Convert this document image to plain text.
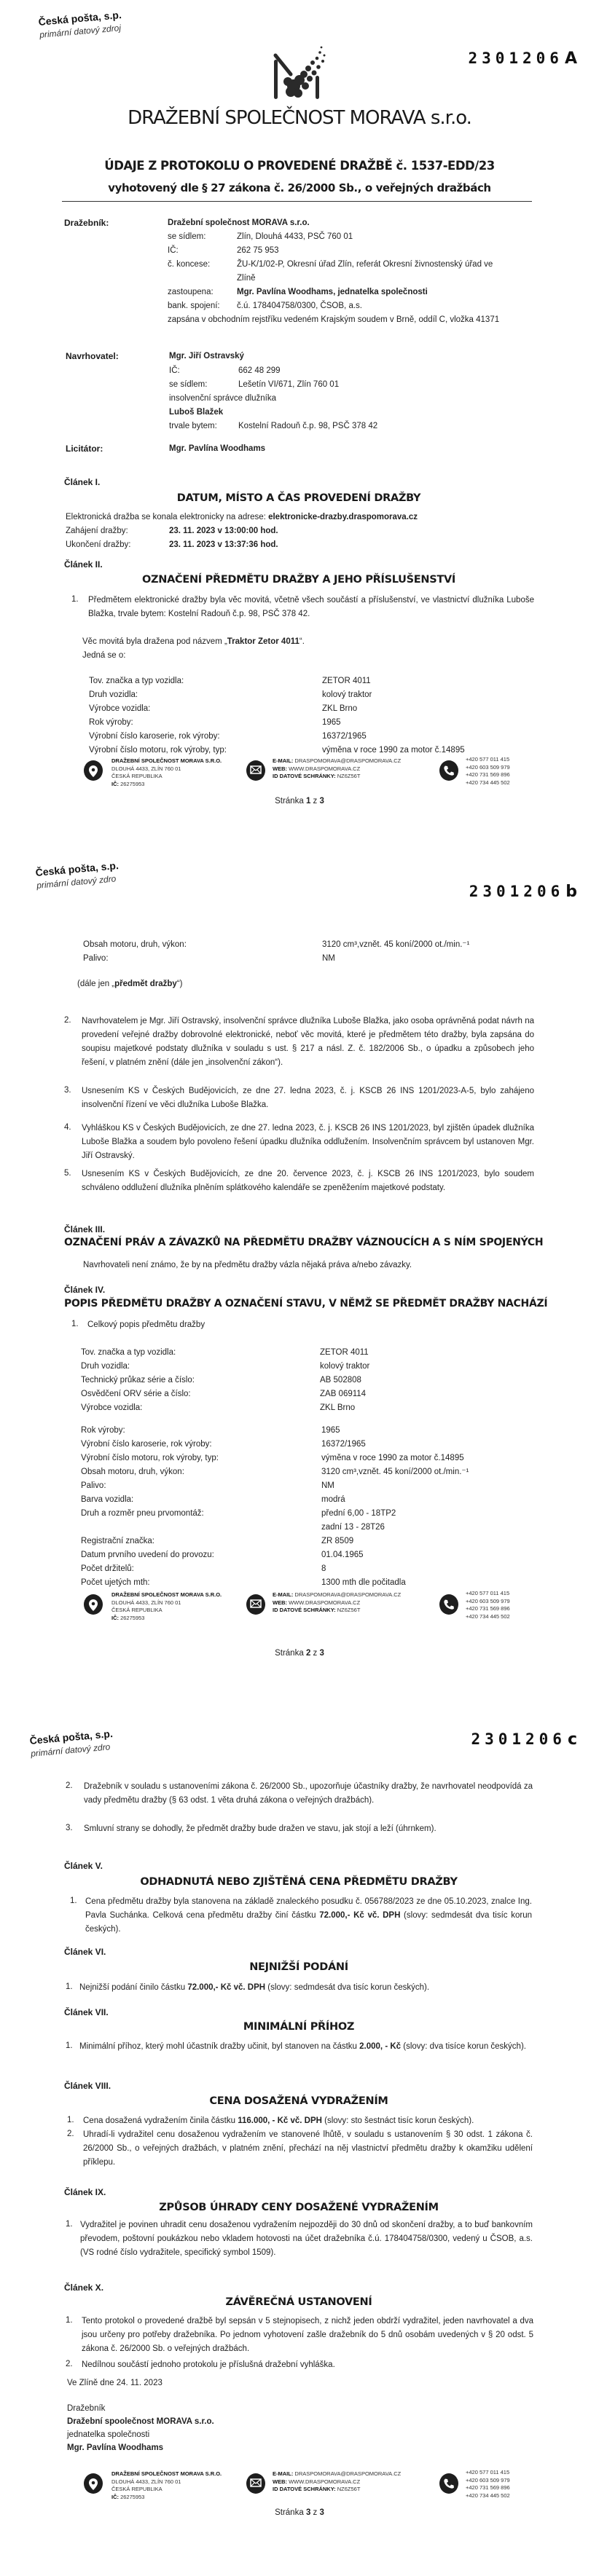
Česká pošta, s.p.
primární datový zdroj
2301206A
DRAŽEBNÍ SPOLEČNOST MORAVA s.r.o.
ÚDAJE Z PROTOKOLU O PROVEDENÉ DRAŽBĚ č. 1537-EDD/23
vyhotovený dle § 27 zákona č. 26/2000 Sb., o veřejných dražbách
Dražebník:	Dražební společnost MORAVA s.r.o.
se sídlem:	Zlín, Dlouhá 4433, PSČ 760 01
IČ:	262 75 953
č. koncese:	ŽU-K/1/02-P, Okresní úřad Zlín, referát Okresní živnostenský úřad ve
Zlíně
zastoupena:	Mgr. Pavlína Woodhams, jednatelka společnosti
bank. spojení: č.ú. 178404758/0300, ČSOB, a.s.
zapsána v obchodním rejstříku vedeném Krajským soudem v Brně, oddíl C, vložka 41371
Navrhovatel:	Mgr. Jiří Ostravský
IČ:	662 48 299
se sídlem:	Lešetín VI/671, Zlín 760 01
insolvenční správce dlužníka
Luboš Blažek
trvale bytem:	Kostelní Radouň č.p. 98, PSČ 378 42
Licitátor:	Mgr. Pavlína Woodhams
Článek I.
DATUM, MÍSTO A ČAS PROVEDENÍ DRAŽBY
Elektronická dražba se konala elektronicky na adrese: elektronicke-drazby.draspomorava.cz
Zahájení dražby:	23. 11. 2023 v 13:00:00 hod.
Ukončení dražby:	23. 11. 2023 v 13:37:36 hod.
Článek II.
OZNAČENÍ PŘEDMĚTU DRAŽBY A JEHO PŘÍSLUŠENSTVÍ
1. Předmětem elektronické dražby byla věc movitá, včetně všech součástí a příslušenství, ve vlastnictví dlužníka Luboše Blažka, trvale bytem: Kostelní Radouň č.p. 98, PSČ 378 42.
Věc movitá byla dražena pod názvem „Traktor Zetor 4011“.
Jedná se o:
Tov. značka a typ vozidla:	ZETOR 4011
Druh vozidla:	kolový traktor
Výrobce vozidla:	ZKL Brno
Rok výroby:	1965
Výrobní číslo karoserie, rok výroby:	16372/1965
Výrobní číslo motoru, rok výroby, typ:	výměna v roce 1990 za motor č.14895
DRAŽEBNÍ SPOLEČNOST MORAVA S.R.O.
DLOUHÁ 4433, ZLÍN 760 01
ČESKÁ REPUBLIKA
IČ: 26275953
E-MAIL: DRASPOMORAVA@DRASPOMORAVA.CZ
WEB: WWW.DRASPOMORAVA.CZ
ID DATOVÉ SCHRÁNKY: NZ6Z56T
+420 577 011 415
+420 603 509 979
+420 731 569 896
+420 734 445 502
Stránka 1 z 3
Česká pošta, s.p.
primární datový zdro
2301206b
Obsah motoru, druh, výkon:	3120 cm³,vznět. 45 koní/2000 ot./min.⁻¹
Palivo:	NM
(dále jen „předmět dražby“)
2. Navrhovatelem je Mgr. Jiří Ostravský, insolvenční správce dlužníka Luboše Blažka, jako osoba oprávněná podat návrh na provedení veřejné dražby dobrovolné elektronické, neboť věc movitá, které je předmětem této dražby, byla zapsána do soupisu majetkové podstaty dlužníka v souladu s ust. § 217 a násl. Z. č. 182/2006 Sb., o úpadku a způsobech jeho řešení, v platném znění (dále jen „insolvenční zákon“).
3. Usnesením KS v Českých Budějovicích, ze dne 27. ledna 2023, č. j. KSCB 26 INS 1201/2023-A-5, bylo zahájeno insolvenční řízení ve věci dlužníka Luboše Blažka.
4. Vyhláškou KS v Českých Budějovicích, ze dne 27. ledna 2023, č. j. KSCB 26 INS 1201/2023, byl zjištěn úpadek dlužníka Luboše Blažka a soudem bylo povoleno řešení úpadku dlužníka oddlužením. Insolvenčním správcem byl ustanoven Mgr. Jiří Ostravský.
5. Usnesením KS v Českých Budějovicích, ze dne 20. července 2023, č. j. KSCB 26 INS 1201/2023, bylo soudem schváleno oddlužení dlužníka plněním splátkového kalendáře se zpeněžením majetkové podstaty.
Článek III.
OZNAČENÍ PRÁV A ZÁVAZKŮ NA PŘEDMĚTU DRAŽBY VÁZNOUCÍCH A S NÍM SPOJENÝCH
Navrhovateli není známo, že by na předmětu dražby vázla nějaká práva a/nebo závazky.
Článek IV.
POPIS PŘEDMĚTU DRAŽBY A OZNAČENÍ STAVU, V NĚMŽ SE PŘEDMĚT DRAŽBY NACHÁZÍ
1. Celkový popis předmětu dražby
Tov. značka a typ vozidla:	ZETOR 4011
Druh vozidla:	kolový traktor
Technický průkaz série a číslo:	AB 502808
Osvědčení ORV série a číslo:	ZAB 069114
Výrobce vozidla:	ZKL Brno
Rok výroby:	1965
Výrobní číslo karoserie, rok výroby:	16372/1965
Výrobní číslo motoru, rok výroby, typ:	výměna v roce 1990 za motor č.14895
Obsah motoru, druh, výkon:	3120 cm³,vznět. 45 koní/2000 ot./min.⁻¹
Palivo:	NM
Barva vozidla:	modrá
Druh a rozměr pneu prvomontáž:	přední 6,00 - 18TP2
zadní 13 - 28T26
Registrační značka:	ZR 8509
Datum prvního uvedení do provozu:	01.04.1965
Počet držitelů:	8
Počet ujetých mth:	1300 mth dle počitadla
DRAŽEBNÍ SPOLEČNOST MORAVA S.R.O.
DLOUHÁ 4433, ZLÍN 760 01
ČESKÁ REPUBLIKA
IČ: 26275953
E-MAIL: DRASPOMORAVA@DRASPOMORAVA.CZ
WEB: WWW.DRASPOMORAVA.CZ
ID DATOVÉ SCHRÁNKY: NZ6Z56T
+420 577 011 415
+420 603 509 979
+420 731 569 896
+420 734 445 502
Stránka 2 z 3
Česká pošta, s.p.
primární datový zdro
2301206c
2. Dražebník v souladu s ustanoveními zákona č. 26/2000 Sb., upozorňuje účastníky dražby, že navrhovatel neodpovídá za vady předmětu dražby (§ 63 odst. 1 věta druhá zákona o veřejných dražbách).
3. Smluvní strany se dohodly, že předmět dražby bude dražen ve stavu, jak stojí a leží (úhrnkem).
Článek V.
ODHADNUTÁ NEBO ZJIŠTĚNÁ CENA PŘEDMĚTU DRAŽBY
1. Cena předmětu dražby byla stanovena na základě znaleckého posudku č. 056788/2023 ze dne 05.10.2023, znalce Ing. Pavla Suchánka. Celková cena předmětu dražby činí částku 72.000,- Kč vč. DPH (slovy: sedmdesát dva tisíc korun českých).
Článek VI.
NEJNIŽŠÍ PODÁNÍ
1. Nejnižší podání činilo částku 72.000,- Kč vč. DPH (slovy: sedmdesát dva tisíc korun českých).
Článek VII.
MINIMÁLNÍ PŘÍHOZ
1. Minimální příhoz, který mohl účastník dražby učinit, byl stanoven na částku 2.000, - Kč (slovy: dva tisíce korun českých).
Článek VIII.
CENA DOSAŽENÁ VYDRAŽENÍM
1. Cena dosažená vydražením činila částku 116.000, - Kč vč. DPH (slovy: sto šestnáct tisíc korun českých).
2. Uhradí-li vydražitel cenu dosaženou vydražením ve stanovené lhůtě, v souladu s ustanovením § 30 odst. 1 zákona č. 26/2000 Sb., o veřejných dražbách, v platném znění, přechází na něj vlastnictví předmětu dražby k okamžiku udělení příklepu.
Článek IX.
ZPŮSOB ÚHRADY CENY DOSAŽENÉ VYDRAŽENÍM
1. Vydražitel je povinen uhradit cenu dosaženou vydražením nejpozději do 30 dnů od skončení dražby, a to buď bankovním převodem, poštovní poukázkou nebo vkladem hotovosti na účet dražebníka č.ú. 178404758/0300, vedený u ČSOB, a.s. (VS rodné číslo vydražitele, specifický symbol 1509).
Článek X.
ZÁVĚREČNÁ USTANOVENÍ
1. Tento protokol o provedené dražbě byl sepsán v 5 stejnopisech, z nichž jeden obdrží vydražitel, jeden navrhovatel a dva jsou určeny pro potřeby dražebníka. Po jednom vyhotovení zašle dražebník do 5 dnů osobám uvedených v § 20 odst. 5 zákona č. 26/2000 Sb. o veřejných dražbách.
2. Nedílnou součástí jednoho protokolu je příslušná dražební vyhláška.
Ve Zlíně dne 24. 11. 2023
Dražebník
Dražební spoolečnost MORAVA s.r.o.
jednatelka společnosti
Mgr. Pavlína Woodhams
DRAŽEBNÍ SPOLEČNOST MORAVA S.R.O.
DLOUHÁ 4433, ZLÍN 760 01
ČESKÁ REPUBLIKA
IČ: 26275953
E-MAIL: DRASPOMORAVA@DRASPOMORAVA.CZ
WEB: WWW.DRASPOMORAVA.CZ
ID DATOVÉ SCHRÁNKY: NZ6Z56T
+420 577 011 415
+420 603 509 979
+420 731 569 896
+420 734 445 502
Stránka 3 z 3
